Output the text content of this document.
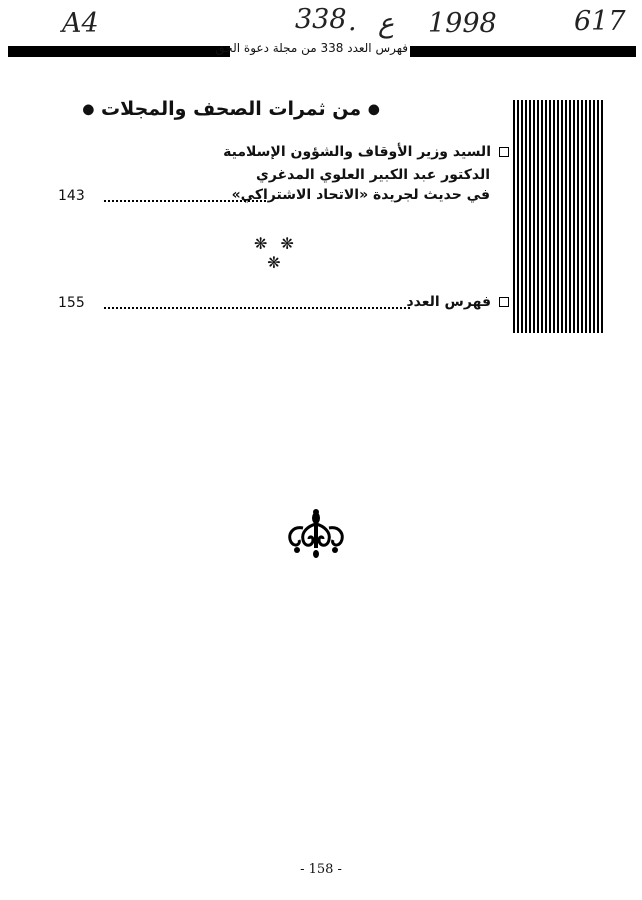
A4	338 . ع 1998	617
فهرس العدد 338 من مجلة دعوة الحق
● من ثمرات الصحف والمجلات ●
السيد وزير الأوقاف والشؤون الإسلامية
الدكتور عبد الكبير العلوي المدغري
في حديث لجريدة «الاتحاد الاشتراكي»
143
❋ ❋ ❋
فهرس العدد
155
- 158 -
